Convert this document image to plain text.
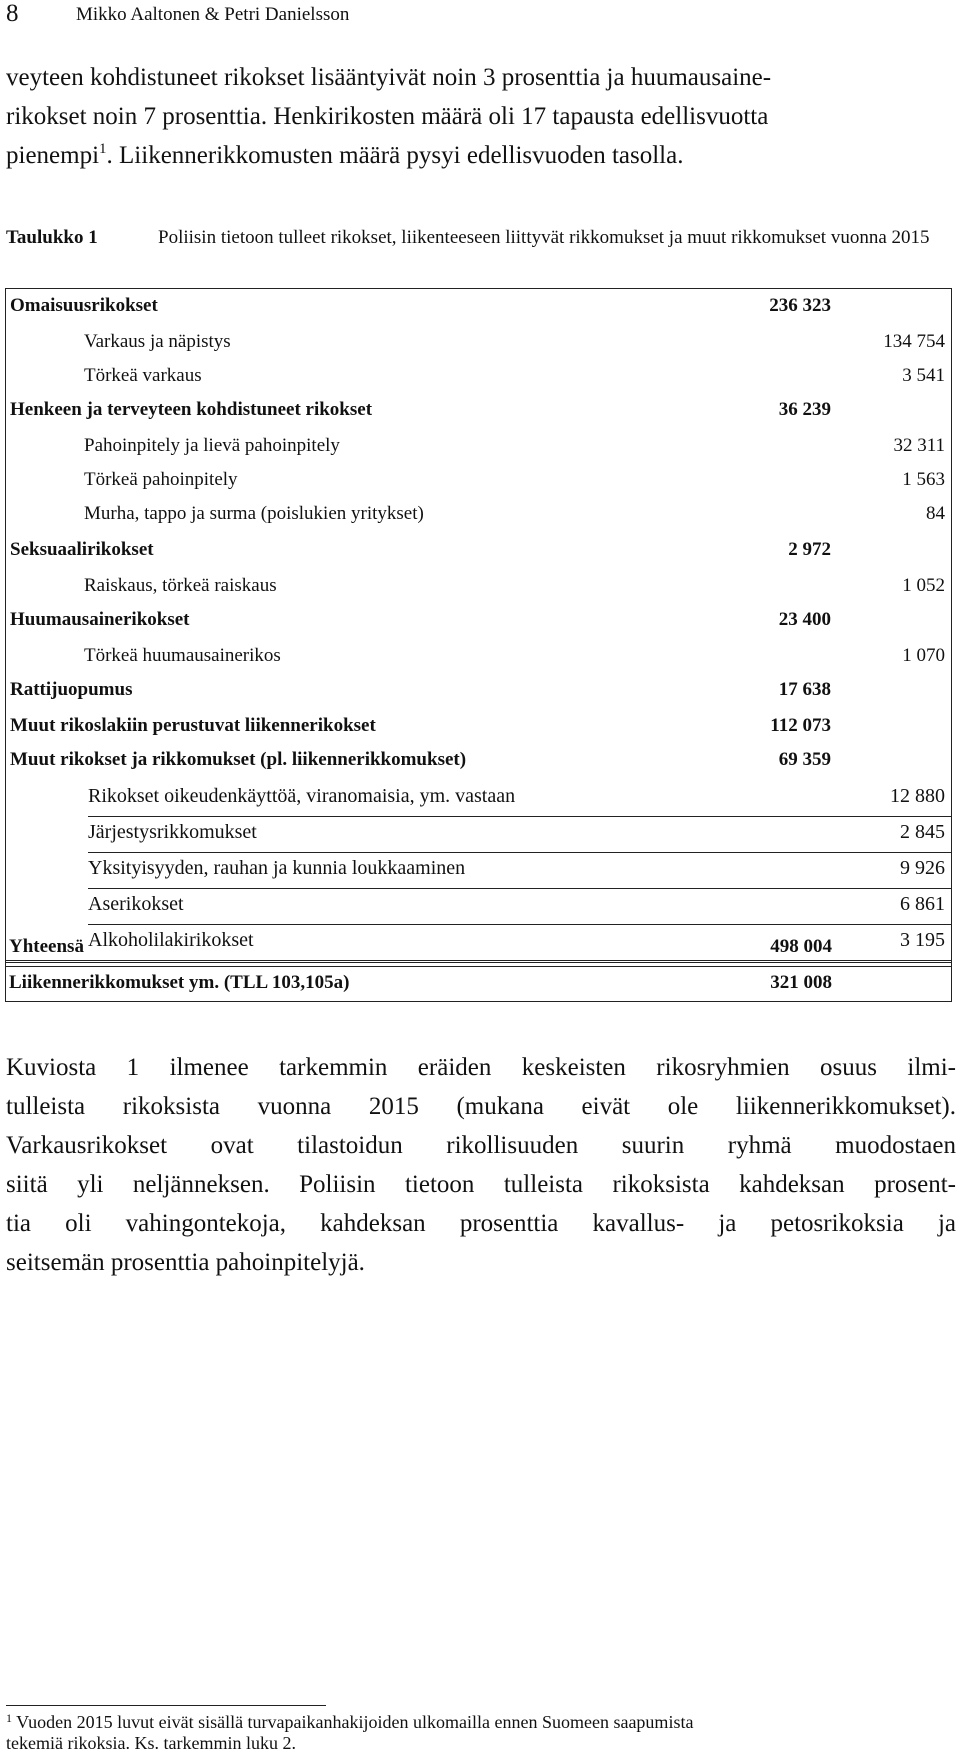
8	Mikko Aaltonen & Petri Danielsson
veyteen kohdistuneet rikokset lisääntyivät noin 3 prosenttia ja huumausaine-
rikokset noin 7 prosenttia. Henkirikosten määrä oli 17 tapausta edellisvuotta
pienempi$^1$. Liikennerikkomusten määrä pysyi edellisvuoden tasolla.
Taulukko 1	Poliisin tietoon tulleet rikokset, liikenteeseen liittyvät rikkomukset ja muut rikkomukset vuonna 2015
Omaisuusrikokset	236 323
Varkaus ja näpistys	134 754
Törkeä varkaus	3 541
Henkeen ja terveyteen kohdistuneet rikokset	36 239
Pahoinpitely ja lievä pahoinpitely	32 311
Törkeä pahoinpitely	1 563
Murha, tappo ja surma (poislukien yritykset)	84
Seksuaalirikokset	2 972
Raiskaus, törkeä raiskaus	1 052
Huumausainerikokset	23 400
Törkeä huumausainerikos	1 070
Rattijuopumus	17 638
Muut rikoslakiin perustuvat liikennerikokset	112 073
Muut rikokset ja rikkomukset (pl. liikennerikkomukset)	69 359
Rikokset oikeudenkäyttöä, viranomaisia, ym. vastaan	12 880
Järjestysrikkomukset	2 845
Yksityisyyden, rauhan ja kunnia loukkaaminen	9 926
Aserikokset	6 861
Alkoholilakirikokset	3 195
Yhteensä	498 004
Liikennerikkomukset ym. (TLL 103,105a)	321 008
Kuviosta 1 ilmenee tarkemmin eräiden keskeisten rikosryhmien osuus ilmi-
tulleista rikoksista vuonna 2015 (mukana eivät ole liikennerikkomukset).
Varkausrikokset ovat tilastoidun rikollisuuden suurin ryhmä muodostaen
siitä yli neljänneksen. Poliisin tietoon tulleista rikoksista kahdeksan prosent-
tia oli vahingontekoja, kahdeksan prosenttia kavallus- ja petosrikoksia ja
seitsemän prosenttia pahoinpitelyjä.
$^1$ Vuoden 2015 luvut eivät sisällä turvapaikanhakijoiden ulkomailla ennen Suomeen saapumista
tekemiä rikoksia. Ks. tarkemmin luku 2.
